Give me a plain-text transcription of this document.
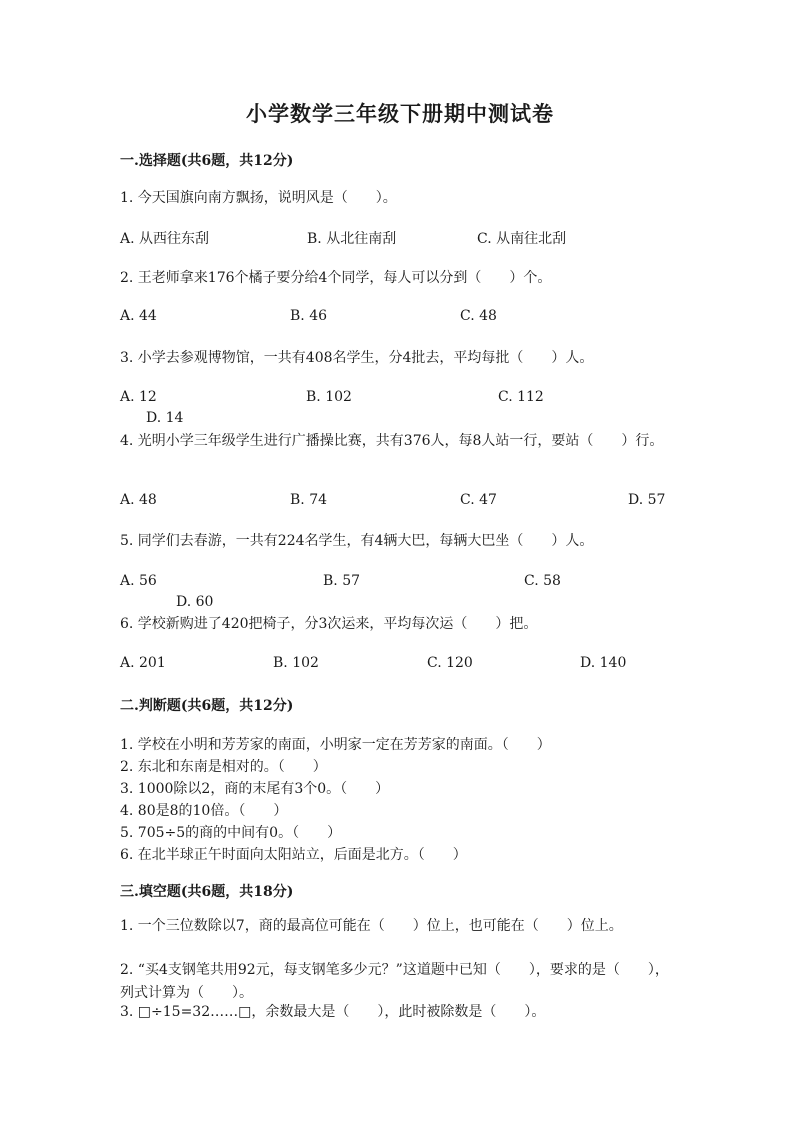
小学数学三年级下册期中测试卷
一.选择题(共6题，共12分)
1. 今天国旗向南方飘扬，说明风是（　　）。
A. 从西往东刮	B. 从北往南刮	C. 从南往北刮
2. 王老师拿来176个橘子要分给4个同学，每人可以分到（　　）个。
A. 44	B. 46	C. 48
3. 小学去参观博物馆，一共有408名学生，分4批去，平均每批（　　）人。
A. 12	B. 102	C. 112
D. 14
4. 光明小学三年级学生进行广播操比赛，共有376人，每8人站一行，要站（　　）行。
A. 48	B. 74	C. 47	D. 57
5. 同学们去春游，一共有224名学生，有4辆大巴，每辆大巴坐（　　）人。
A. 56	B. 57	C. 58
D. 60
6. 学校新购进了420把椅子，分3次运来，平均每次运（　　）把。
A. 201	B. 102	C. 120	D. 140
二.判断题(共6题，共12分)
1. 学校在小明和芳芳家的南面，小明家一定在芳芳家的南面。（　　）
2. 东北和东南是相对的。（　　）
3. 1000除以2，商的末尾有3个0。（　　）
4. 80是8的10倍。（　　）
5. 705÷5的商的中间有0。（　　）
6. 在北半球正午时面向太阳站立，后面是北方。（　　）
三.填空题(共6题，共18分)
1. 一个三位数除以7，商的最高位可能在（　　）位上，也可能在（　　）位上。
2. “买4支钢笔共用92元，每支钢笔多少元？”这道题中已知（　　），要求的是（　　），列式计算为（　　）。
3. □÷15=32……□，余数最大是（　　），此时被除数是（　　）。
